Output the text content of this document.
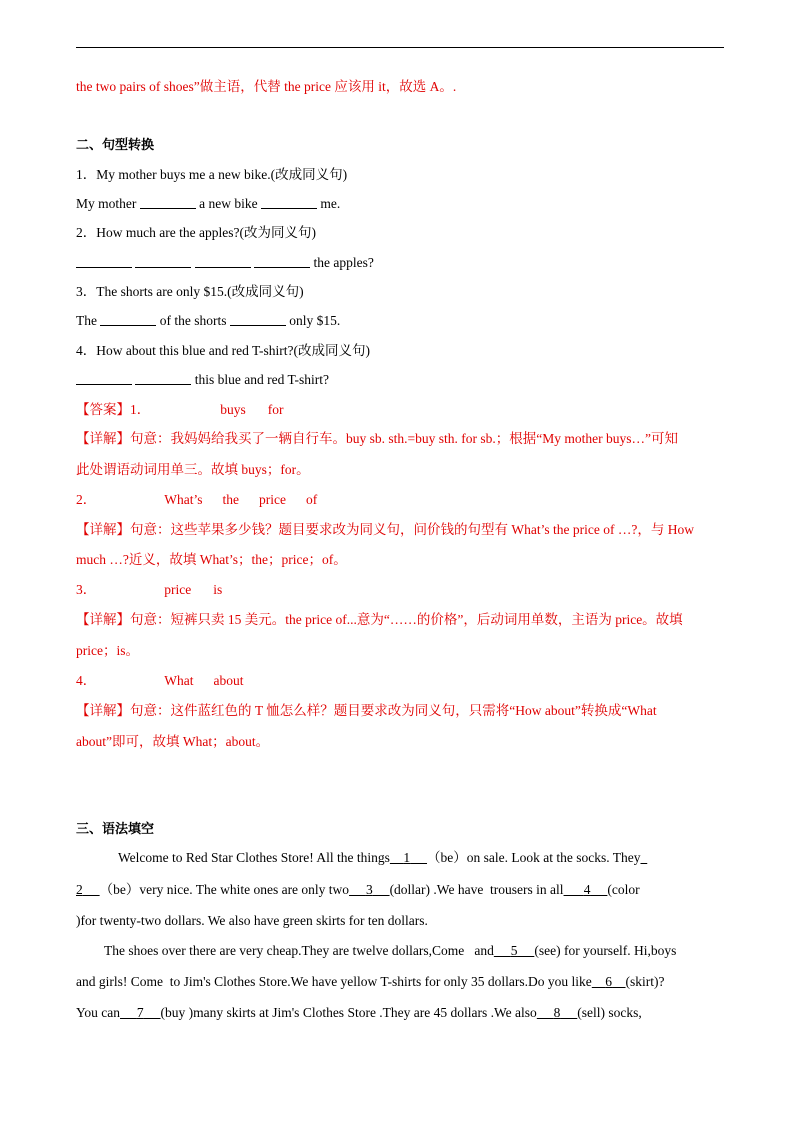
the two pairs of shoes”做主语，代替 the price 应该用 it，故选 A。.
二、句型转换
1．My mother buys me a new bike.(改成同义句)
My mother	a new bike	me.
2．How much are the apples?(改为同义句)
the apples?
3．The shorts are only $15.(改成同义句)
The	of the shorts	only $15.
4．How about this blue and red T-shirt?(改成同义句)
this blue and red T-shirt?
【答案】1．	buys for
【详解】句意：我妈妈给我买了一辆自行车。buy sb. sth.=buy sth. for sb.；根据“My mother buys…”可知
此处谓语动词用单三。故填 buys；for。
2．	What’s the price of
【详解】句意：这些苹果多少钱？题目要求改为同义句，问价钱的句型有 What’s the price of …?，与 How
much …?近义，故填 What’s；the；price；of。
3．	price is
【详解】句意：短裤只卖 15 美元。the price of...意为“……的价格”，后动词用单数，主语为 price。故填
price；is。
4．	What about
【详解】句意：这件蓝红色的 T 恤怎么样？题目要求改为同义句，只需将“How about”转换成“What
about”即可，故填 What；about。
三、语法填空
Welcome to Red Star Clothes Store! All the things 1 （be）on sale. Look at the socks. They
2 （be）very nice. The white ones are only two 3 (dollar) .We have  trousers in all 4 (color
)for twenty-two dollars. We also have green skirts for ten dollars.
The shoes over there are very cheap.They are twelve dollars,Come   and 5 (see) for yourself. Hi,boys
and girls! Come  to Jim's Clothes Store.We have yellow T-shirts for only 35 dollars.Do you like 6 (skirt)?
You can 7 (buy )many skirts at Jim's Clothes Store .They are 45 dollars .We also 8 (sell) socks,
